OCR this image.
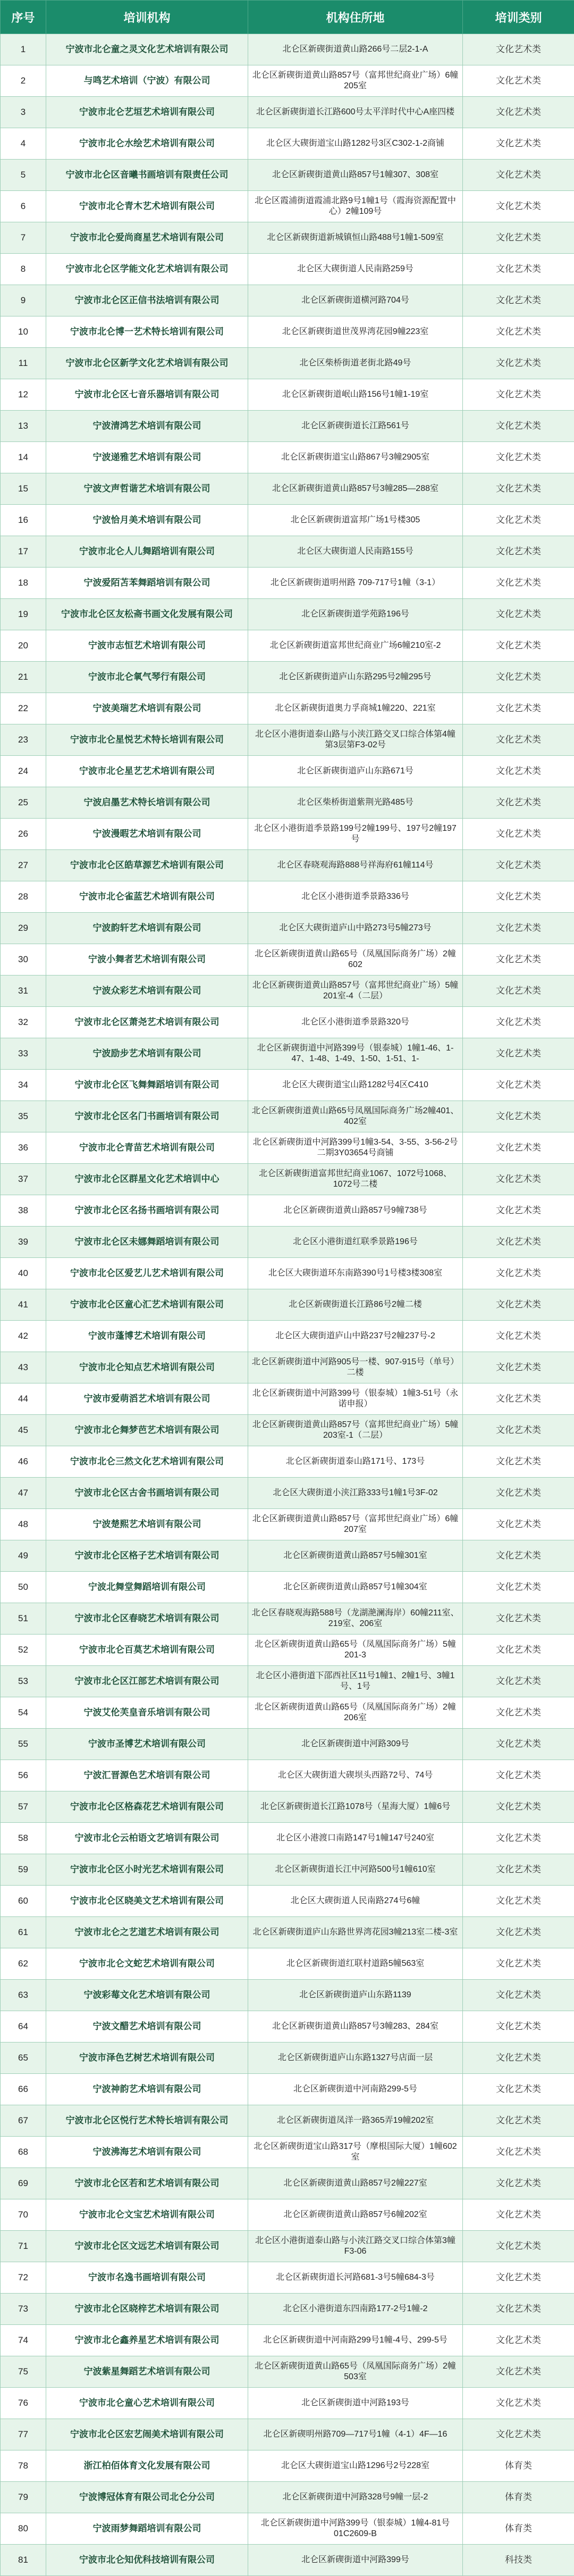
序号	培训机构	机构住所地	培训类别
1	宁波市北仑童之灵文化艺术培训有限公司	北仑区新碶街道黄山路266号二层2-1-A	文化艺术类
2	与鸣艺术培训（宁波）有限公司	北仑区新碶街道黄山路857号（富邦世纪商业广场）6幢205室	文化艺术类
3	宁波市北仑艺垣艺术培训有限公司	北仑区新碶街道长江路600号太平洋时代中心A座四楼	文化艺术类
4	宁波市北仑水绘艺术培训有限公司	北仑区大碶街道宝山路1282号3区C302-1-2商铺	文化艺术类
5	宁波市北仑区音曦书画培训有限责任公司	北仑区新碶街道黄山路857号1幢307、308室	文化艺术类
6	宁波市北仑青木艺术培训有限公司	北仑区霞浦街道霞浦北路9号1幢1号（霞海资源配置中心）2幢109号	文化艺术类
7	宁波市北仑爱尚商星艺术培训有限公司	北仑区新碶街道新城镇恒山路488号1幢1-509室	文化艺术类
8	宁波市北仑区学能文化艺术培训有限公司	北仑区大碶街道人民南路259号	文化艺术类
9	宁波市北仑区正信书法培训有限公司	北仑区新碶街道横河路704号	文化艺术类
10	宁波市北仑博一艺术特长培训有限公司	北仑区新碶街道世茂界湾花园9幢223室	文化艺术类
11	宁波市北仑区新学文化艺术培训有限公司	北仑区柴桥街道老街北路49号	文化艺术类
12	宁波市北仑区七音乐器培训有限公司	北仑区新碶街道岷山路156号1幢1-19室	文化艺术类
13	宁波清鸿艺术培训有限公司	北仑区新碶街道长江路561号	文化艺术类
14	宁波递雅艺术培训有限公司	北仑区新碶街道宝山路867号3幢2905室	文化艺术类
15	宁波文声哲谐艺术培训有限公司	北仑区新碶街道黄山路857号3幢285—288室	文化艺术类
16	宁波恰月美术培训有限公司	北仑区新碶街道富邦广场1号楼305	文化艺术类
17	宁波市北仑人儿舞蹈培训有限公司	北仑区大碶街道人民南路155号	文化艺术类
18	宁波爱陌苫苯舞蹈培训有限公司	北仑区新碶街道明州路 709-717号1幢（3-1）	文化艺术类
19	宁波市北仑区友松斋书画文化发展有限公司	北仑区新碶街道学苑路196号	文化艺术类
20	宁波市志恒艺术培训有限公司	北仑区新碶街道富邦世纪商业广场6幢210室-2	文化艺术类
21	宁波市北仑氧气琴行有限公司	北仑区新碶街道庐山东路295号2幢295号	文化艺术类
22	宁波美瑞艺术培训有限公司	北仑区新碶街道奥力孚商城1幢220、221室	文化艺术类
23	宁波市北仑星悦艺术特长培训有限公司	北仑区小港街道泰山路与小浃江路交叉口综合体第4幢第3层第F3-02号	文化艺术类
24	宁波市北仑星艺艺术培训有限公司	北仑区新碶街道庐山东路671号	文化艺术类
25	宁波启墨艺术特长培训有限公司	北仑区柴桥街道紫荆光路485号	文化艺术类
26	宁波漫暇艺术培训有限公司	北仑区小港街道季景路199号2幢199号、197号2幢197号	文化艺术类
27	宁波市北仑区皓草源艺术培训有限公司	北仑区春晓观海路888号祥海府61幢114号	文化艺术类
28	宁波市北仑雀蓝艺术培训有限公司	北仑区小港街道季景路336号	文化艺术类
29	宁波韵轩艺术培训有限公司	北仑区大碶街道庐山中路273号5幢273号	文化艺术类
30	宁波小舞者艺术培训有限公司	北仑区新碶街道黄山路65号（凤凰国际商务广场）2幢602	文化艺术类
31	宁波众彩艺术培训有限公司	北仑区新碶街道黄山路857号（富邦世纪商业广场）5幢201室-4（二层）	文化艺术类
32	宁波市北仑区萧尧艺术培训有限公司	北仑区小港街道季景路320号	文化艺术类
33	宁波励步艺术培训有限公司	北仑区新碶街道中河路399号（银泰城）1幢1-46、1-47、1-48、1-49、1-50、1-51、1-	文化艺术类
34	宁波市北仑区飞舞舞蹈培训有限公司	北仑区大碶街道宝山路1282号4区C410	文化艺术类
35	宁波市北仑区名门书画培训有限公司	北仑区新碶街道黄山路65号凤凰国际商务广场2幢401、402室	文化艺术类
36	宁波市北仑青苗艺术培训有限公司	北仑区新碶街道中河路399号1幢3-54、3-55、3-56-2号二期3Y03654号商铺	文化艺术类
37	宁波市北仑区群星文化艺术培训中心	北仑区新碶街道富邦世纪商业1067、1072号1068、1072号二楼	文化艺术类
38	宁波市北仑区名扬书画培训有限公司	北仑区新碶街道黄山路857号9幢738号	文化艺术类
39	宁波市北仑区未娜舞蹈培训有限公司	北仑区小港街道红联季景路196号	文化艺术类
40	宁波市北仑区爱艺儿艺术培训有限公司	北仑区大碶街道环东南路390号1号楼3楼308室	文化艺术类
41	宁波市北仑区童心汇艺术培训有限公司	北仑区新碶街道长江路86号2幢二楼	文化艺术类
42	宁波市蓬博艺术培训有限公司	北仑区大碶街道庐山中路237号2幢237号-2	文化艺术类
43	宁波市北仑知点艺术培训有限公司	北仑区新碶街道中河路905号一楼、907-915号（单号）二楼	文化艺术类
44	宁波市爱萌滔艺术培训有限公司	北仑区新碶街道中河路399号（银泰城）1幢3-51号（永诺申报）	文化艺术类
45	宁波市北仑舞梦芭艺术培训有限公司	北仑区新碶街道黄山路857号（富邦世纪商业广场）5幢203室-1（二层）	文化艺术类
46	宁波市北仑三然文化艺术培训有限公司	北仑区新碶街道泰山路171号、173号	文化艺术类
47	宁波市北仑区古舍书画培训有限公司	北仑区大碶街道小浃江路333号1幢1号3F-02	文化艺术类
48	宁波楚熙艺术培训有限公司	北仑区新碶街道黄山路857号（富邦世纪商业广场）6幢207室	文化艺术类
49	宁波市北仑区格子艺术培训有限公司	北仑区新碶街道黄山路857号5幢301室	文化艺术类
50	宁波北舞堂舞蹈培训有限公司	北仑区新碶街道黄山路857号1幢304室	文化艺术类
51	宁波市北仑区春晓艺术培训有限公司	北仑区春晓观海路588号（龙湖滟澜海岸）60幢211室、219室、206室	文化艺术类
52	宁波市北仑百莫艺术培训有限公司	北仑区新碶街道黄山路65号（凤凰国际商务广场）5幢201-3	文化艺术类
53	宁波市北仑区江部艺术培训有限公司	北仑区小港街道下邵西社区11号1幢1、2幢1号、3幢1号、1号	文化艺术类
54	宁波艾伦芙皇音乐培训有限公司	北仑区新碶街道黄山路65号（凤凰国际商务广场）2幢206室	文化艺术类
55	宁波市圣博艺术培训有限公司	北仑区新碶街道中河路309号	文化艺术类
56	宁波汇晋源色艺术培训有限公司	北仑区大碶街道大碶坝头西路72号、74号	文化艺术类
57	宁波市北仑区格森花艺术培训有限公司	北仑区新碶街道长江路1078号（星海大厦）1幢6号	文化艺术类
58	宁波市北仑云柏语文艺培训有限公司	北仑区小港渡口南路147号1幢147号240室	文化艺术类
59	宁波市北仑区小时光艺术培训有限公司	北仑区新碶街道长江中河路500号1幢610室	文化艺术类
60	宁波市北仑区晓美文艺术培训有限公司	北仑区大碶街道人民南路274号6幢	文化艺术类
61	宁波市北仑之艺道艺术培训有限公司	北仑区新碶街道庐山东路世界湾花园3幢213室二楼-3室	文化艺术类
62	宁波市北仑文蛇艺术培训有限公司	北仑区新碶街道红联村道路5幢563室	文化艺术类
63	宁波彩莓文化艺术培训有限公司	北仑区新碶街道庐山东路1139	文化艺术类
64	宁波文醋艺术培训有限公司	北仑区新碶街道黄山路857号3幢283、284室	文化艺术类
65	宁波市泽色艺树艺术培训有限公司	北仑区新碶街道庐山东路1327号店面一层	文化艺术类
66	宁波神韵艺术培训有限公司	北仑区新碶街道中河南路299-5号	文化艺术类
67	宁波市北仑区悦行艺术特长培训有限公司	北仑区新碶街道凤洋一路365弄19幢202室	文化艺术类
68	宁波沸海艺术培训有限公司	北仑区新碶街道宝山路317号（摩根国际大厦）1幢602室	文化艺术类
69	宁波市北仑区若和艺术培训有限公司	北仑区新碶街道黄山路857号2幢227室	文化艺术类
70	宁波市北仑文宝艺术培训有限公司	北仑区新碶街道黄山路857号6幢202室	文化艺术类
71	宁波市北仑区文远艺术培训有限公司	北仑区小港街道泰山路与小浃江路交叉口综合体第3幢F3-06	文化艺术类
72	宁波市名逸书画培训有限公司	北仑区新碶街道长河路681-3号5幢684-3号	文化艺术类
73	宁波市北仑区晓梓艺术培训有限公司	北仑区小港街道东四南路177-2号1幢-2	文化艺术类
74	宁波市北仑鑫养星艺术培训有限公司	北仑区新碶街道中河南路299号1幢-4号、299-5号	文化艺术类
75	宁波紫星舞蹈艺术培训有限公司	北仑区新碶街道黄山路65号（凤凰国际商务广场）2幢503室	文化艺术类
76	宁波市北仑童心艺术培训有限公司	北仑区新碶街道中河路193号	文化艺术类
77	宁波市北仑区宏艺闹美术培训有限公司	北仑区新碶明州路709—717号1幢（4-1）4F—16	文化艺术类
78	浙江柏佰体育文化发展有限公司	北仑区大碶街道宝山路1296号2号228室	体育类
79	宁波博冠体育有限公司北仑分公司	北仑区新碶街道中河路328号9幢一层-2	体育类
80	宁波雨梦舞蹈培训有限公司	北仑区新碶街道中河路399号（银泰城）1幢4-81号01C2609-B	体育类
81	宁波市北仑知优科技培训有限公司	北仑区新碶街道中河路399号	科技类
